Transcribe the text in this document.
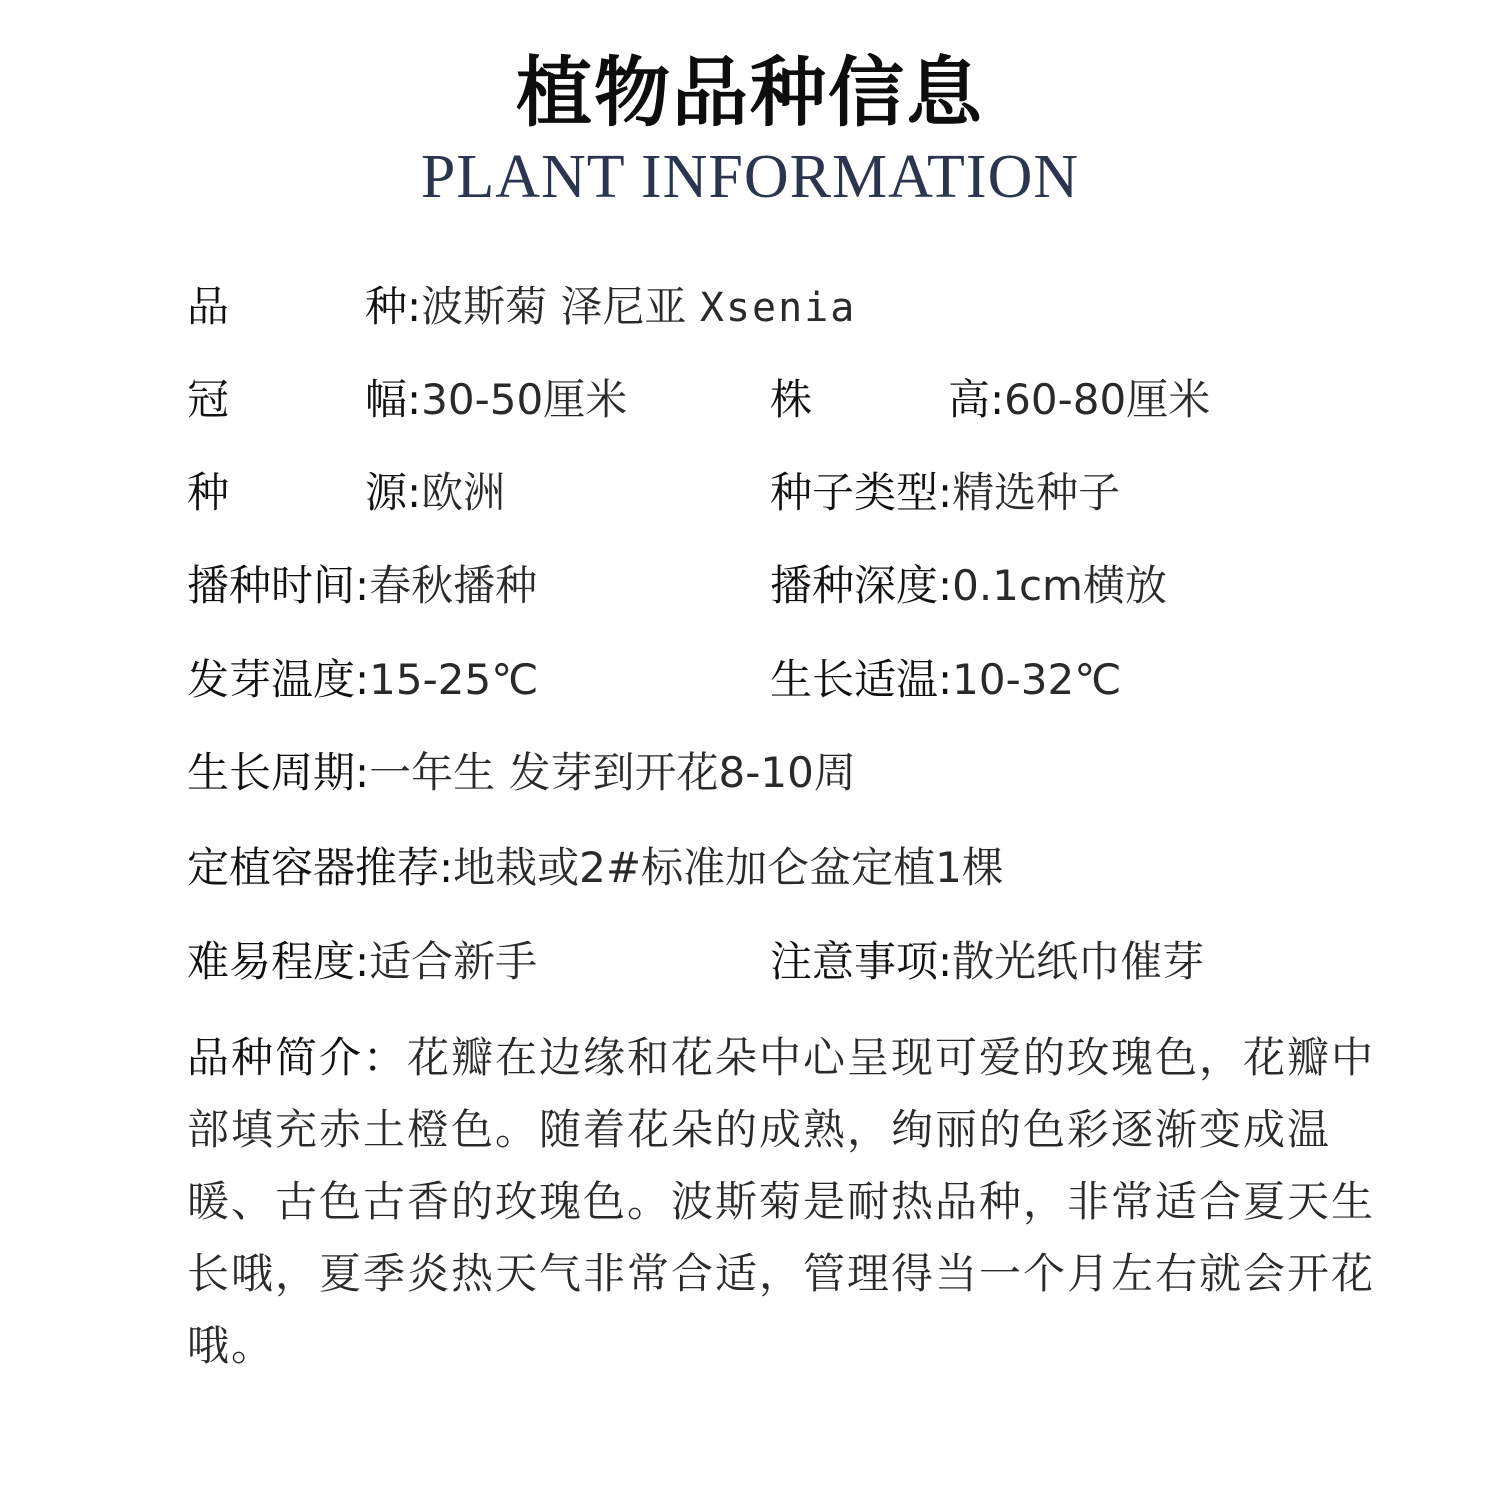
植物品种信息
PLANT INFORMATION
品	种 :波斯菊 泽尼亚 Xsenia
冠	幅 :30-50厘米	株	高 :60-80厘米
种	源 :欧洲	种子类型:精选种子
播种时间:春秋播种	播种深度:0.1cm横放
发芽温度:15-25℃	生长适温:10-32℃
生长周期:一年生 发芽到开花8-10周
定植容器推荐:地栽或2#标准加仑盆定植1棵
难易程度:适合新手	注意事项:散光纸巾催芽
品种简介：花瓣在边缘和花朵中心呈现可爱的玫瑰色，花瓣中部填充赤土橙色。随着花朵的成熟，绚丽的色彩逐渐变成温暖、古色古香的玫瑰色。波斯菊是耐热品种，非常适合夏天生长哦，夏季炎热天气非常合适，管理得当一个月左右就会开花哦。
